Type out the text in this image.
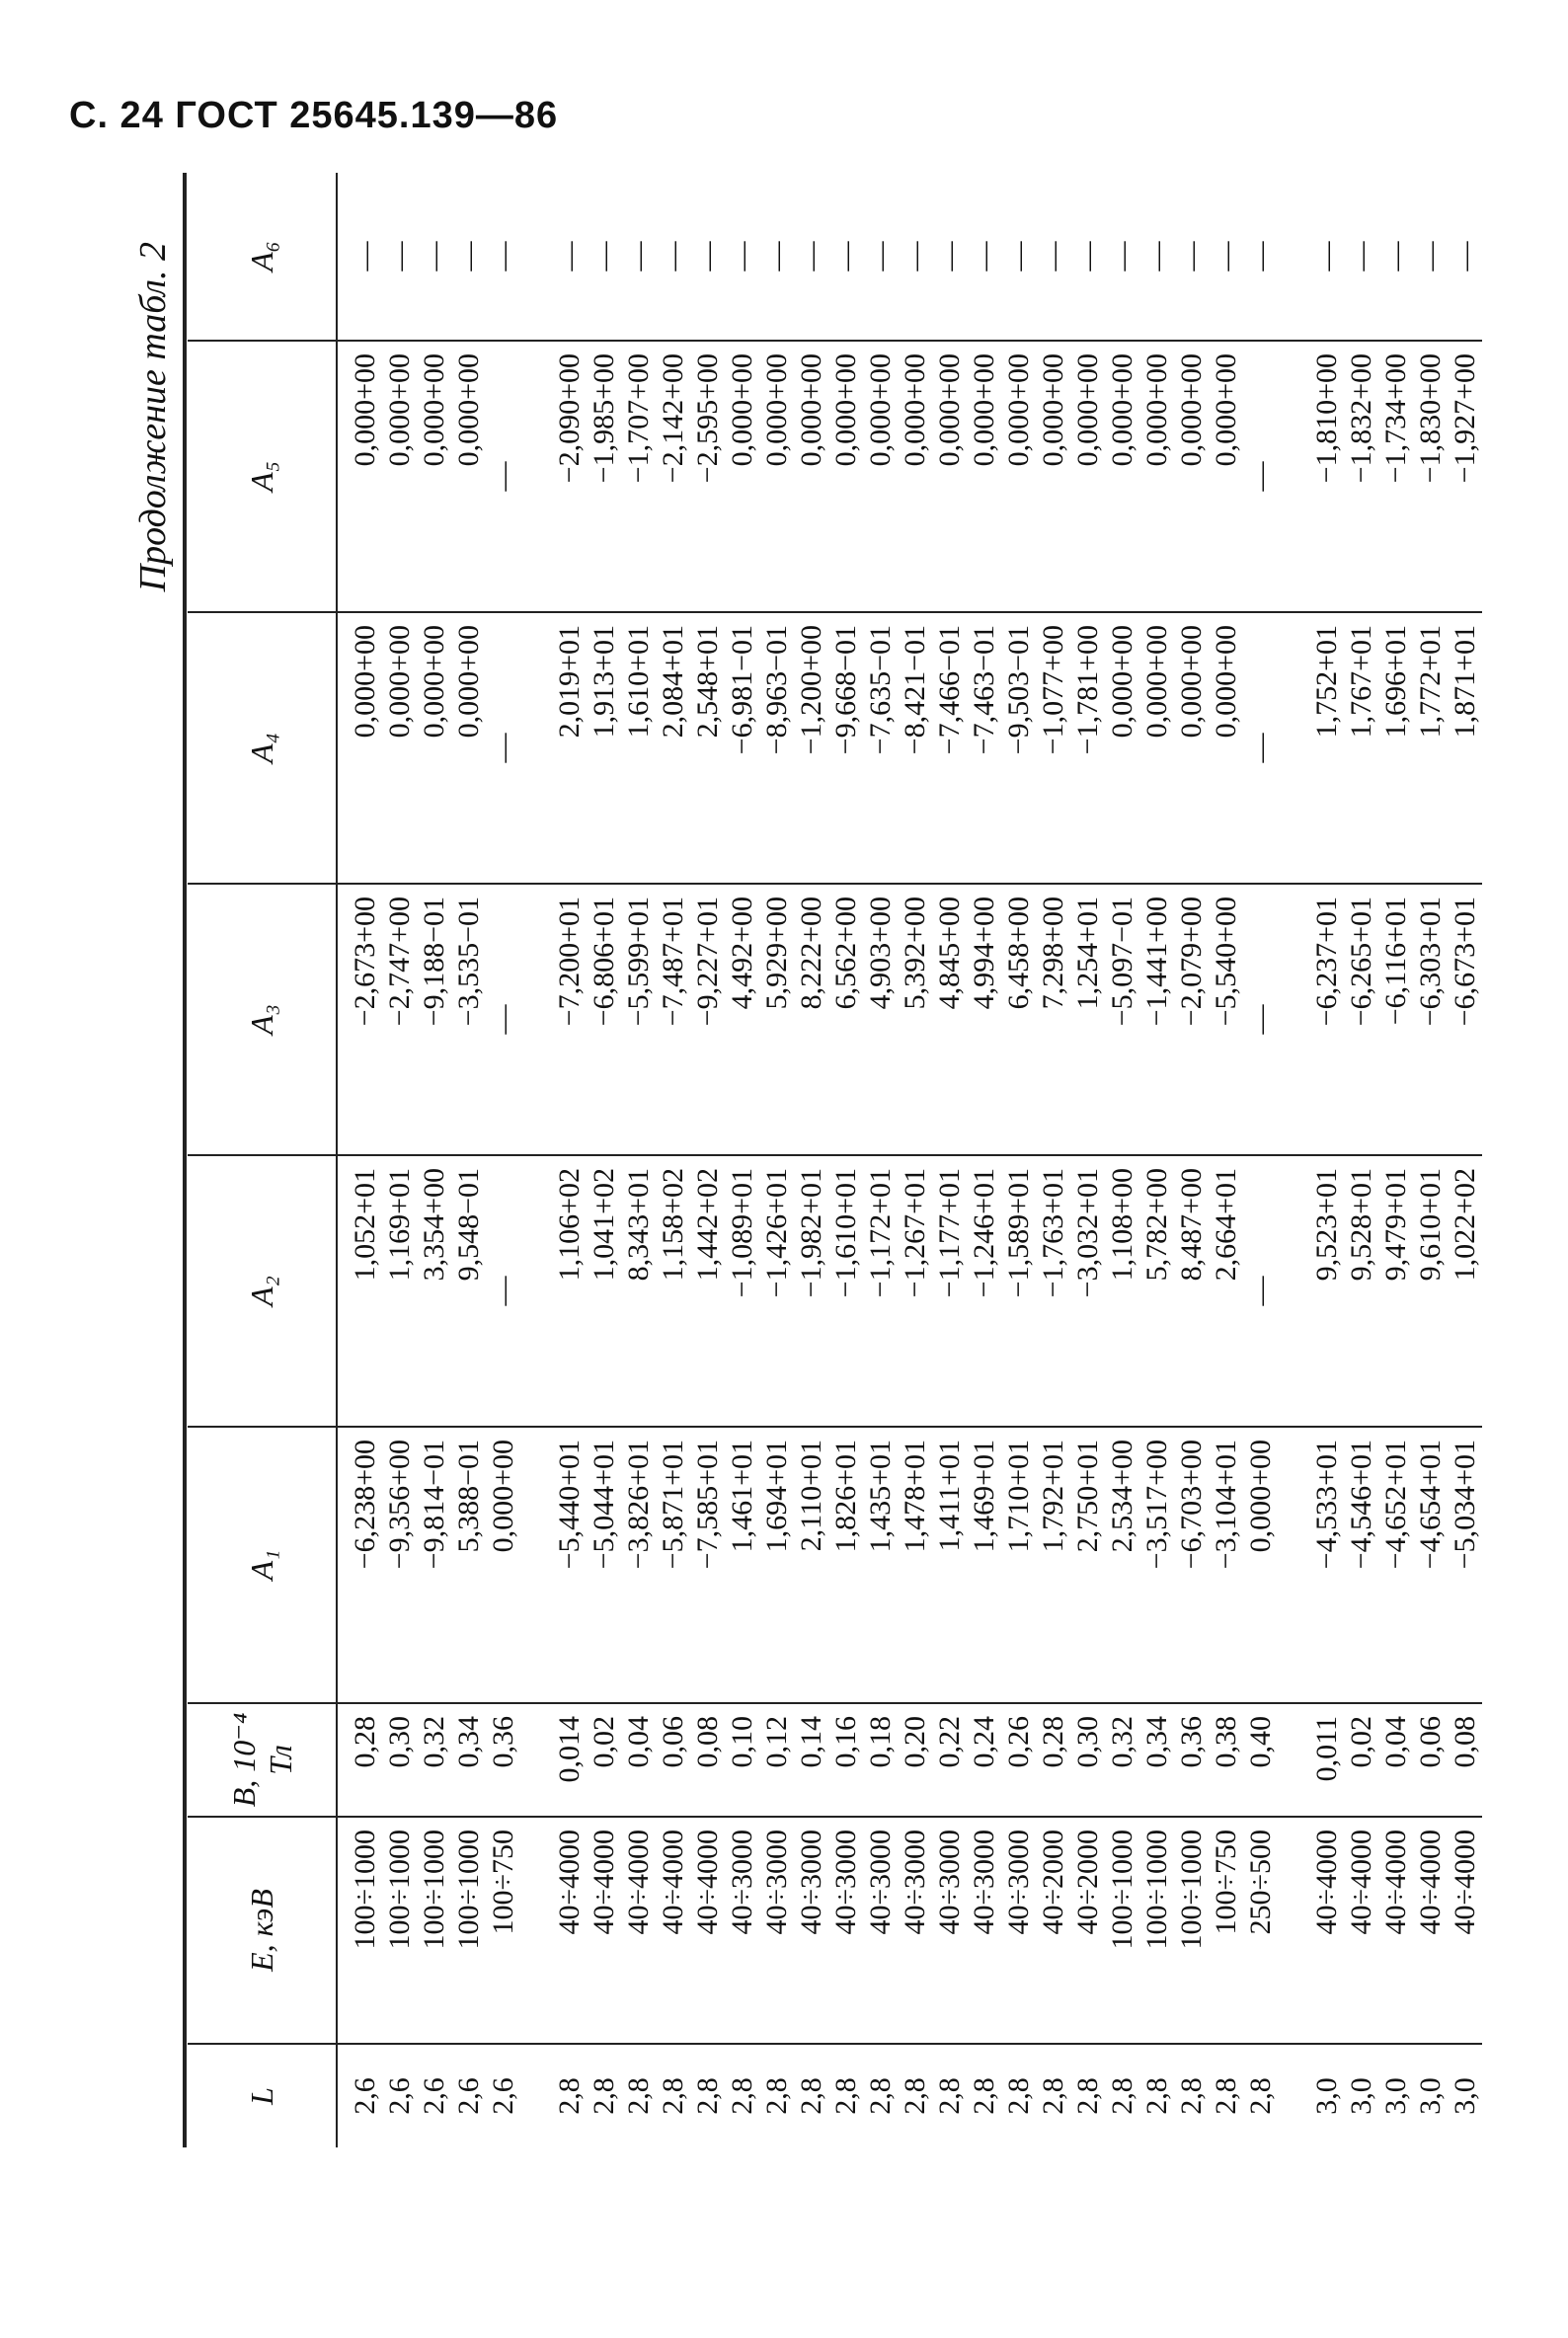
С. 24 ГОСТ 25645.139—86
Продолжение табл. 2
L	E, кэВ	B, 10⁻⁴ Тл	A₁	A₂	A₃	A₄	A₅	A₆
2,6	100÷1000	0,28	−6,238+00	1,052+01	−2,673+00	0,000+00	0,000+00	—
2,6	100÷1000	0,30	−9,356+00	1,169+01	−2,747+00	0,000+00	0,000+00	—
2,6	100÷1000	0,32	−9,814−01	3,354+00	−9,188−01	0,000+00	0,000+00	—
2,6	100÷1000	0,34	5,388−01	9,548−01	−3,535−01	0,000+00	0,000+00	—
2,6	100÷750	0,36	0,000+00	—	—	—	—	—

2,8	40÷4000	0,014	−5,440+01	1,106+02	−7,200+01	2,019+01	−2,090+00	—
2,8	40÷4000	0,02	−5,044+01	1,041+02	−6,806+01	1,913+01	−1,985+00	—
2,8	40÷4000	0,04	−3,826+01	8,343+01	−5,599+01	1,610+01	−1,707+00	—
2,8	40÷4000	0,06	−5,871+01	1,158+02	−7,487+01	2,084+01	−2,142+00	—
2,8	40÷4000	0,08	−7,585+01	1,442+02	−9,227+01	2,548+01	−2,595+00	—
2,8	40÷3000	0,10	1,461+01	−1,089+01	4,492+00	−6,981−01	0,000+00	—
2,8	40÷3000	0,12	1,694+01	−1,426+01	5,929+00	−8,963−01	0,000+00	—
2,8	40÷3000	0,14	2,110+01	−1,982+01	8,222+00	−1,200+00	0,000+00	—
2,8	40÷3000	0,16	1,826+01	−1,610+01	6,562+00	−9,668−01	0,000+00	—
2,8	40÷3000	0,18	1,435+01	−1,172+01	4,903+00	−7,635−01	0,000+00	—
2,8	40÷3000	0,20	1,478+01	−1,267+01	5,392+00	−8,421−01	0,000+00	—
2,8	40÷3000	0,22	1,411+01	−1,177+01	4,845+00	−7,466−01	0,000+00	—
2,8	40÷3000	0,24	1,469+01	−1,246+01	4,994+00	−7,463−01	0,000+00	—
2,8	40÷3000	0,26	1,710+01	−1,589+01	6,458+00	−9,503−01	0,000+00	—
2,8	40÷2000	0,28	1,792+01	−1,763+01	7,298+00	−1,077+00	0,000+00	—
2,8	40÷2000	0,30	2,750+01	−3,032+01	1,254+01	−1,781+00	0,000+00	—
2,8	100÷1000	0,32	2,534+00	1,108+00	−5,097−01	0,000+00	0,000+00	—
2,8	100÷1000	0,34	−3,517+00	5,782+00	−1,441+00	0,000+00	0,000+00	—
2,8	100÷1000	0,36	−6,703+00	8,487+00	−2,079+00	0,000+00	0,000+00	—
2,8	100÷750	0,38	−3,104+01	2,664+01	−5,540+00	0,000+00	0,000+00	—
2,8	250÷500	0,40	0,000+00	—	—	—	—	—

3,0	40÷4000	0,011	−4,533+01	9,523+01	−6,237+01	1,752+01	−1,810+00	—
3,0	40÷4000	0,02	−4,546+01	9,528+01	−6,265+01	1,767+01	−1,832+00	—
3,0	40÷4000	0,04	−4,652+01	9,479+01	−6,116+01	1,696+01	−1,734+00	—
3,0	40÷4000	0,06	−4,654+01	9,610+01	−6,303+01	1,772+01	−1,830+00	—
3,0	40÷4000	0,08	−5,034+01	1,022+02	−6,673+01	1,871+01	−1,927+00	—
